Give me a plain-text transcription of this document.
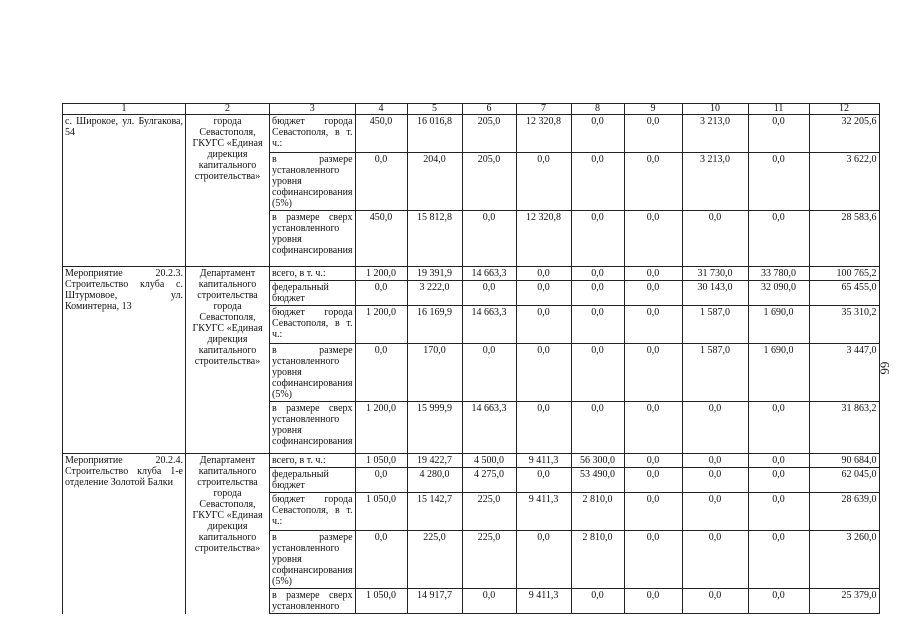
1	2	3	4	5	6	7	8	9	10	11	12
с. Широкое, ул. Булгакова, 54	города Севастополя, ГКУГС «Единая дирекция капитального строительства»	бюджет города Севастополя, в т. ч.:	450,0	16 016,8	205,0	12 320,8	0,0	0,0	3 213,0	0,0	32 205,6
		в размере установленного уровня софинансирования (5%)	0,0	204,0	205,0	0,0	0,0	0,0	3 213,0	0,0	3 622,0
		в размере сверх установленного уровня софинансирования	450,0	15 812,8	0,0	12 320,8	0,0	0,0	0,0	0,0	28 583,6
Мероприятие 20.2.3. Строительство клуба с. Штурмовое, ул. Коминтерна, 13	Департамент капитального строительства города Севастополя, ГКУГС «Единая дирекция капитального строительства»	всего, в т. ч.:	1 200,0	19 391,9	14 663,3	0,0	0,0	0,0	31 730,0	33 780,0	100 765,2
		федеральный бюджет	0,0	3 222,0	0,0	0,0	0,0	0,0	30 143,0	32 090,0	65 455,0
		бюджет города Севастополя, в т. ч.:	1 200,0	16 169,9	14 663,3	0,0	0,0	0,0	1 587,0	1 690,0	35 310,2
		в размере установленного уровня софинансирования (5%)	0,0	170,0	0,0	0,0	0,0	0,0	1 587,0	1 690,0	3 447,0
		в размере сверх установленного уровня софинансирования	1 200,0	15 999,9	14 663,3	0,0	0,0	0,0	0,0	0,0	31 863,2
Мероприятие 20.2.4. Строительство клуба 1-е отделение Золотой Балки	Департамент капитального строительства города Севастополя, ГКУГС «Единая дирекция капитального строительства»	всего, в т. ч.:	1 050,0	19 422,7	4 500,0	9 411,3	56 300,0	0,0	0,0	0,0	90 684,0
		федеральный бюджет	0,0	4 280,0	4 275,0	0,0	53 490,0	0,0	0,0	0,0	62 045,0
		бюджет города Севастополя, в т. ч.:	1 050,0	15 142,7	225,0	9 411,3	2 810,0	0,0	0,0	0,0	28 639,0
		в размере установленного уровня софинансирования (5%)	0,0	225,0	225,0	0,0	2 810,0	0,0	0,0	0,0	3 260,0
		в размере сверх установленного	1 050,0	14 917,7	0,0	9 411,3	0,0	0,0	0,0	0,0	25 379,0
66
